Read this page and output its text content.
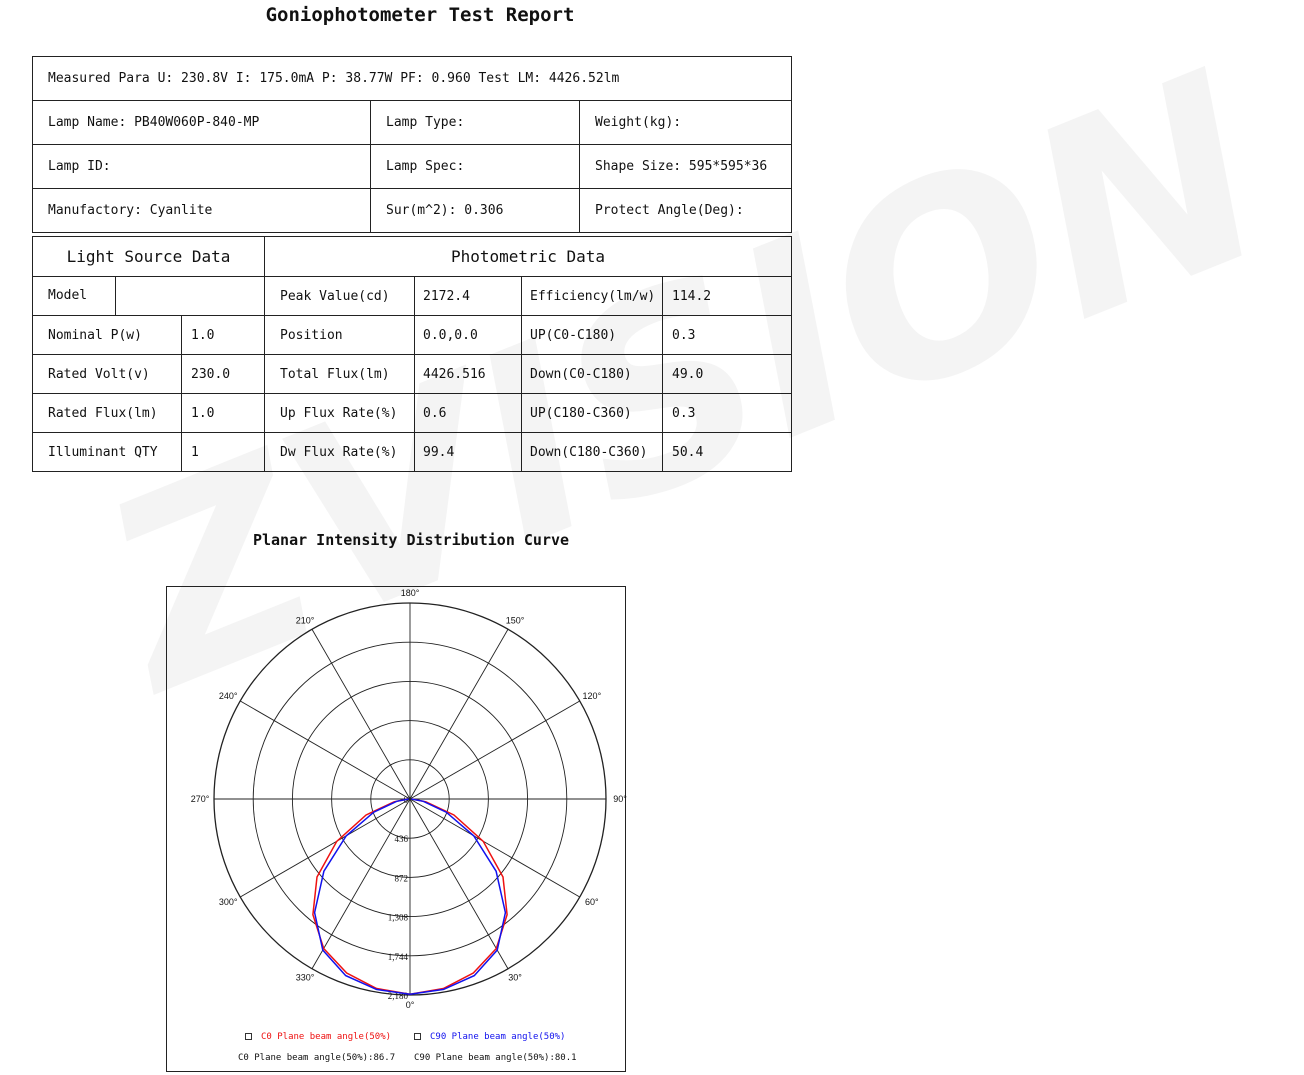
Goniophotometer Test Report
Measured Para U: 230.8V I: 175.0mA P: 38.77W PF: 0.960 Test LM: 4426.52lm		
Lamp Name: PB40W060P-840-MP	Lamp Type:	Weight(kg):
Lamp ID:	Lamp Spec:	Shape Size: 595*595*36
Manufactory: Cyanlite	Sur(m^2): 0.306	Protect Angle(Deg):
Light Source Data		Photometric Data			

Model		Peak Value(cd)	2172.4	Efficiency(lm/w)	114.2
Nominal P(w)	1.0	Position	0.0,0.0	UP(C0-C180)	0.3
Rated Volt(v)	230.0	Total Flux(lm)	4426.516	Down(C0-C180)	49.0
Rated Flux(lm)	1.0	Up Flux Rate(%)	0.6	UP(C180-C360)	0.3
Illuminant QTY	1	Dw Flux Rate(%)	99.4	Down(C180-C360)	50.4
Planar Intensity Distribution Curve
0°
30°
60°
90°
120°
150°
180°
210°
240°
270°
300°
330°
0
436
872
1,308
1,744
2,180
C0 Plane beam angle(50%)	C90 Plane beam angle(50%)
C0 Plane beam angle(50%):86.7 C90 Plane beam angle(50%):80.1
